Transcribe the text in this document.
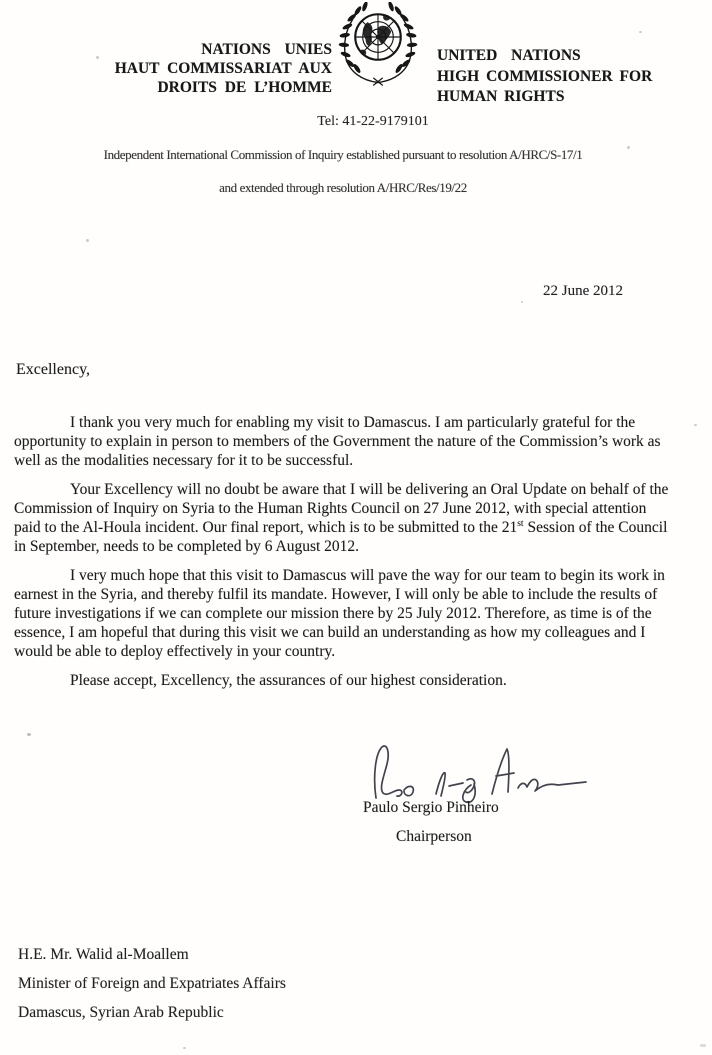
NATIONS UNIES
HAUT COMMISSARIAT AUX
DROITS DE L’HOMME
UNITED NATIONS
HIGH COMMISSIONER FOR
HUMAN RIGHTS
Tel: 41-22-9179101
Independent International Commission of Inquiry established pursuant to resolution A/HRC/S-17/1
and extended through resolution A/HRC/Res/19/22
22 June 2012
Excellency,

I thank you very much for enabling my visit to Damascus. I am particularly grateful for the opportunity to explain in person to members of the Government the nature of the Commission’s work as well as the modalities necessary for it to be successful.

Your Excellency will no doubt be aware that I will be delivering an Oral Update on behalf of the Commission of Inquiry on Syria to the Human Rights Council on 27 June 2012, with special attention paid to the Al-Houla incident. Our final report, which is to be submitted to the 21st Session of the Council in September, needs to be completed by 6 August 2012.

I very much hope that this visit to Damascus will pave the way for our team to begin its work in earnest in the Syria, and thereby fulfil its mandate. However, I will only be able to include the results of future investigations if we can complete our mission there by 25 July 2012. Therefore, as time is of the essence, I am hopeful that during this visit we can build an understanding as how my colleagues and I would be able to deploy effectively in your country.

Please accept, Excellency, the assurances of our highest consideration.

Paulo Sergio Pinheiro
Chairperson
H.E. Mr. Walid al-Moallem
Minister of Foreign and Expatriates Affairs
Damascus, Syrian Arab Republic
